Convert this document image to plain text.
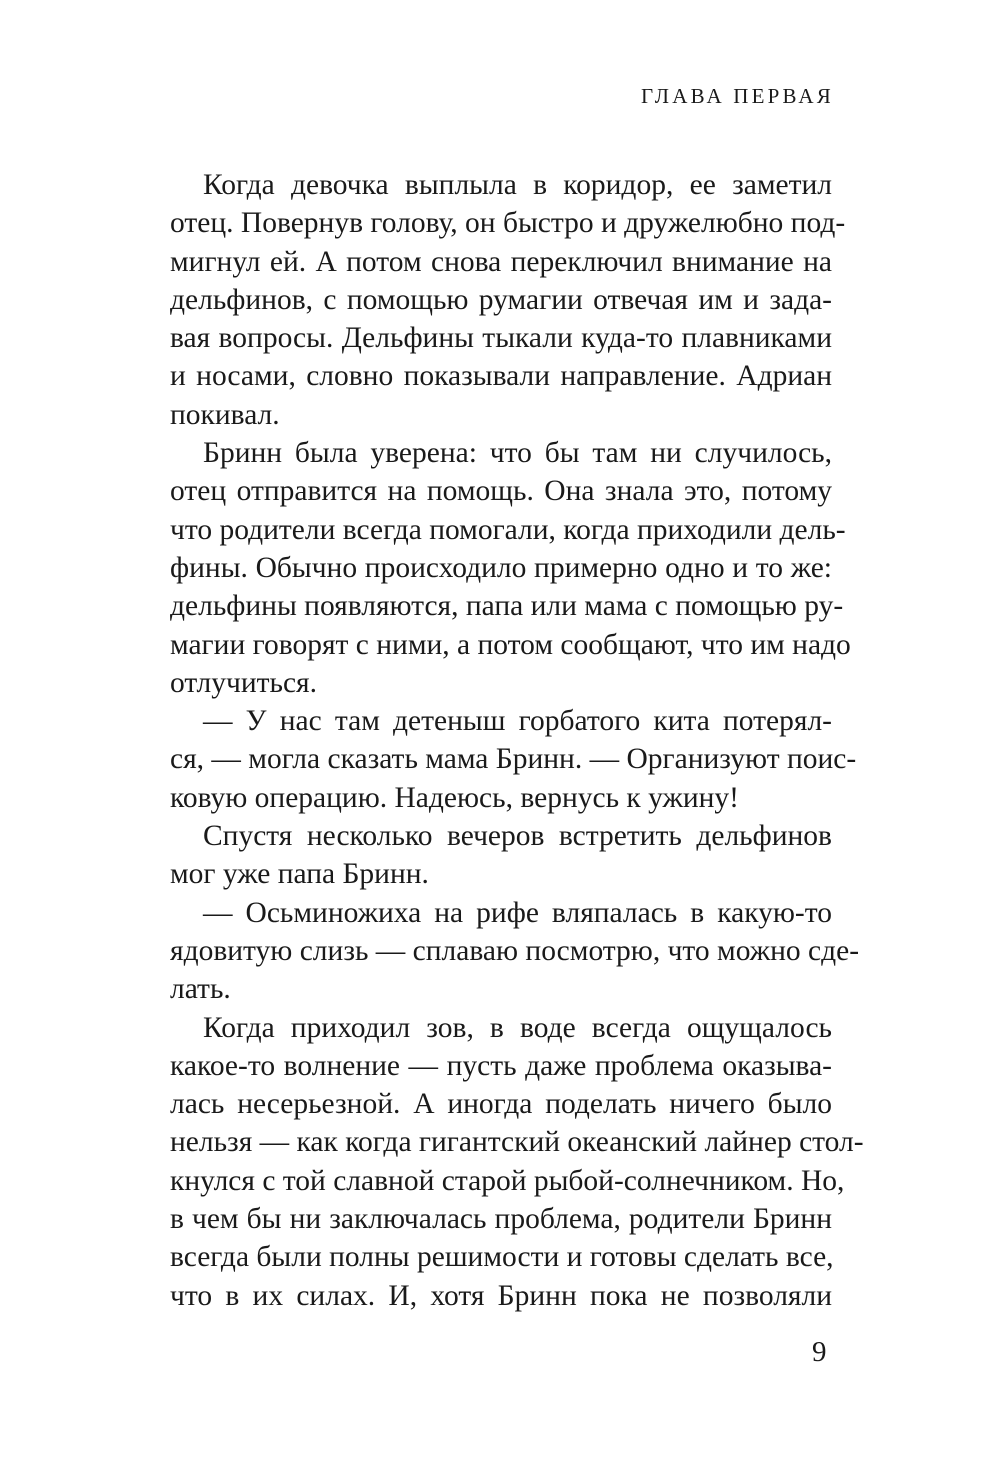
ГЛАВА ПЕРВАЯ
Когда девочка выплыла в коридор, ее заметил
отец. Повернув голову, он быстро и дружелюбно под-
мигнул ей. А потом снова переключил внимание на
дельфинов, с помощью румагии отвечая им и зада-
вая вопросы. Дельфины тыкали куда-то плавниками
и носами, словно показывали направление. Адриан
покивал.
Бринн была уверена: что бы там ни случилось,
отец отправится на помощь. Она знала это, потому
что родители всегда помогали, когда приходили дель-
фины. Обычно происходило примерно одно и то же:
дельфины появляются, папа или мама с помощью ру-
магии говорят с ними, а потом сообщают, что им надо
отлучиться.
— У нас там детеныш горбатого кита потерял-
ся, — могла сказать мама Бринн. — Организуют поис-
ковую операцию. Надеюсь, вернусь к ужину!
Спустя несколько вечеров встретить дельфинов
мог уже папа Бринн.
— Осьминожиха на рифе вляпалась в какую-то
ядовитую слизь — сплаваю посмотрю, что можно сде-
лать.
Когда приходил зов, в воде всегда ощущалось
какое-то волнение — пусть даже проблема оказыва-
лась несерьезной. А иногда поделать ничего было
нельзя — как когда гигантский океанский лайнер стол-
кнулся с той славной старой рыбой-солнечником. Но,
в чем бы ни заключалась проблема, родители Бринн
всегда были полны решимости и готовы сделать все,
что в их силах. И, хотя Бринн пока не позволяли
9
